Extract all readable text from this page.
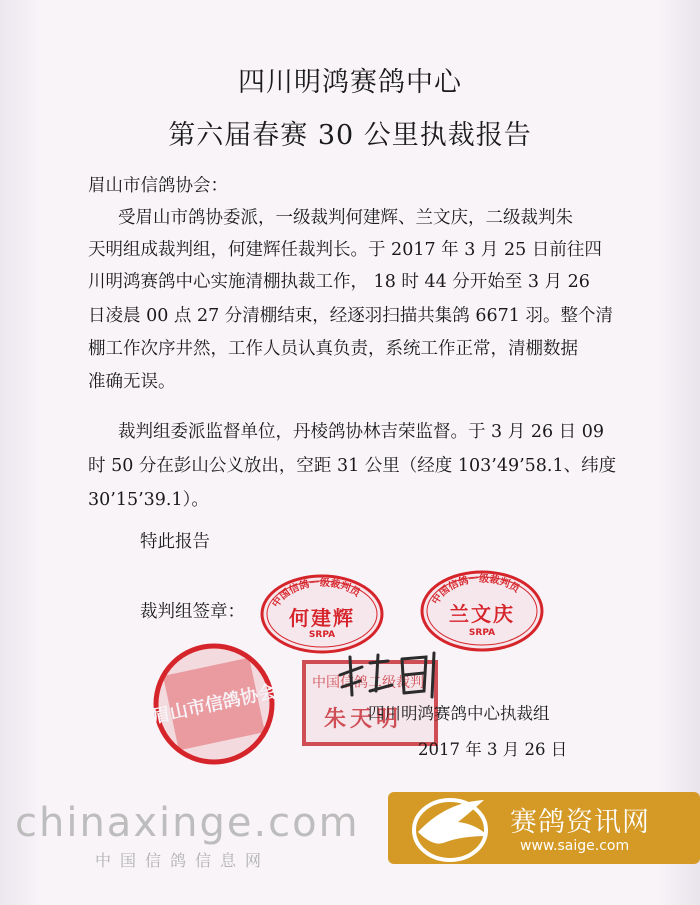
四川明鸿赛鸽中心
第六届春赛 30 公里执裁报告
眉山市信鸽协会：
受眉山市鸽协委派，一级裁判何建辉、兰文庆，二级裁判朱
天明组成裁判组，何建辉任裁判长。于 2017 年 3 月 25 日前往四
川明鸿赛鸽中心实施清棚执裁工作， 18 时 44 分开始至 3 月 26
日凌晨 00 点 27 分清棚结束，经逐羽扫描共集鸽 6671 羽。整个清
棚工作次序井然，工作人员认真负责，系统工作正常，清棚数据
准确无误。
裁判组委派监督单位，丹棱鸽协林吉荣监督。于 3 月 26 日 09
时 50 分在彭山公义放出，空距 31 公里（经度 103’49’58.1、纬度
30’15’39.1）。
特此报告
裁判组签章：	中国信鸽一级裁判员
何建辉
SRPA
中国信鸽一级裁判员
兰文庆
SRPA
眉山市信鸽协会 中国信鸽二级裁判
朱天明
四川明鸿赛鸽中心执裁组
2017 年 3 月 26 日
chinaxinge.com
中国信鸽信息网
赛鸽资讯网
www.saige.com
